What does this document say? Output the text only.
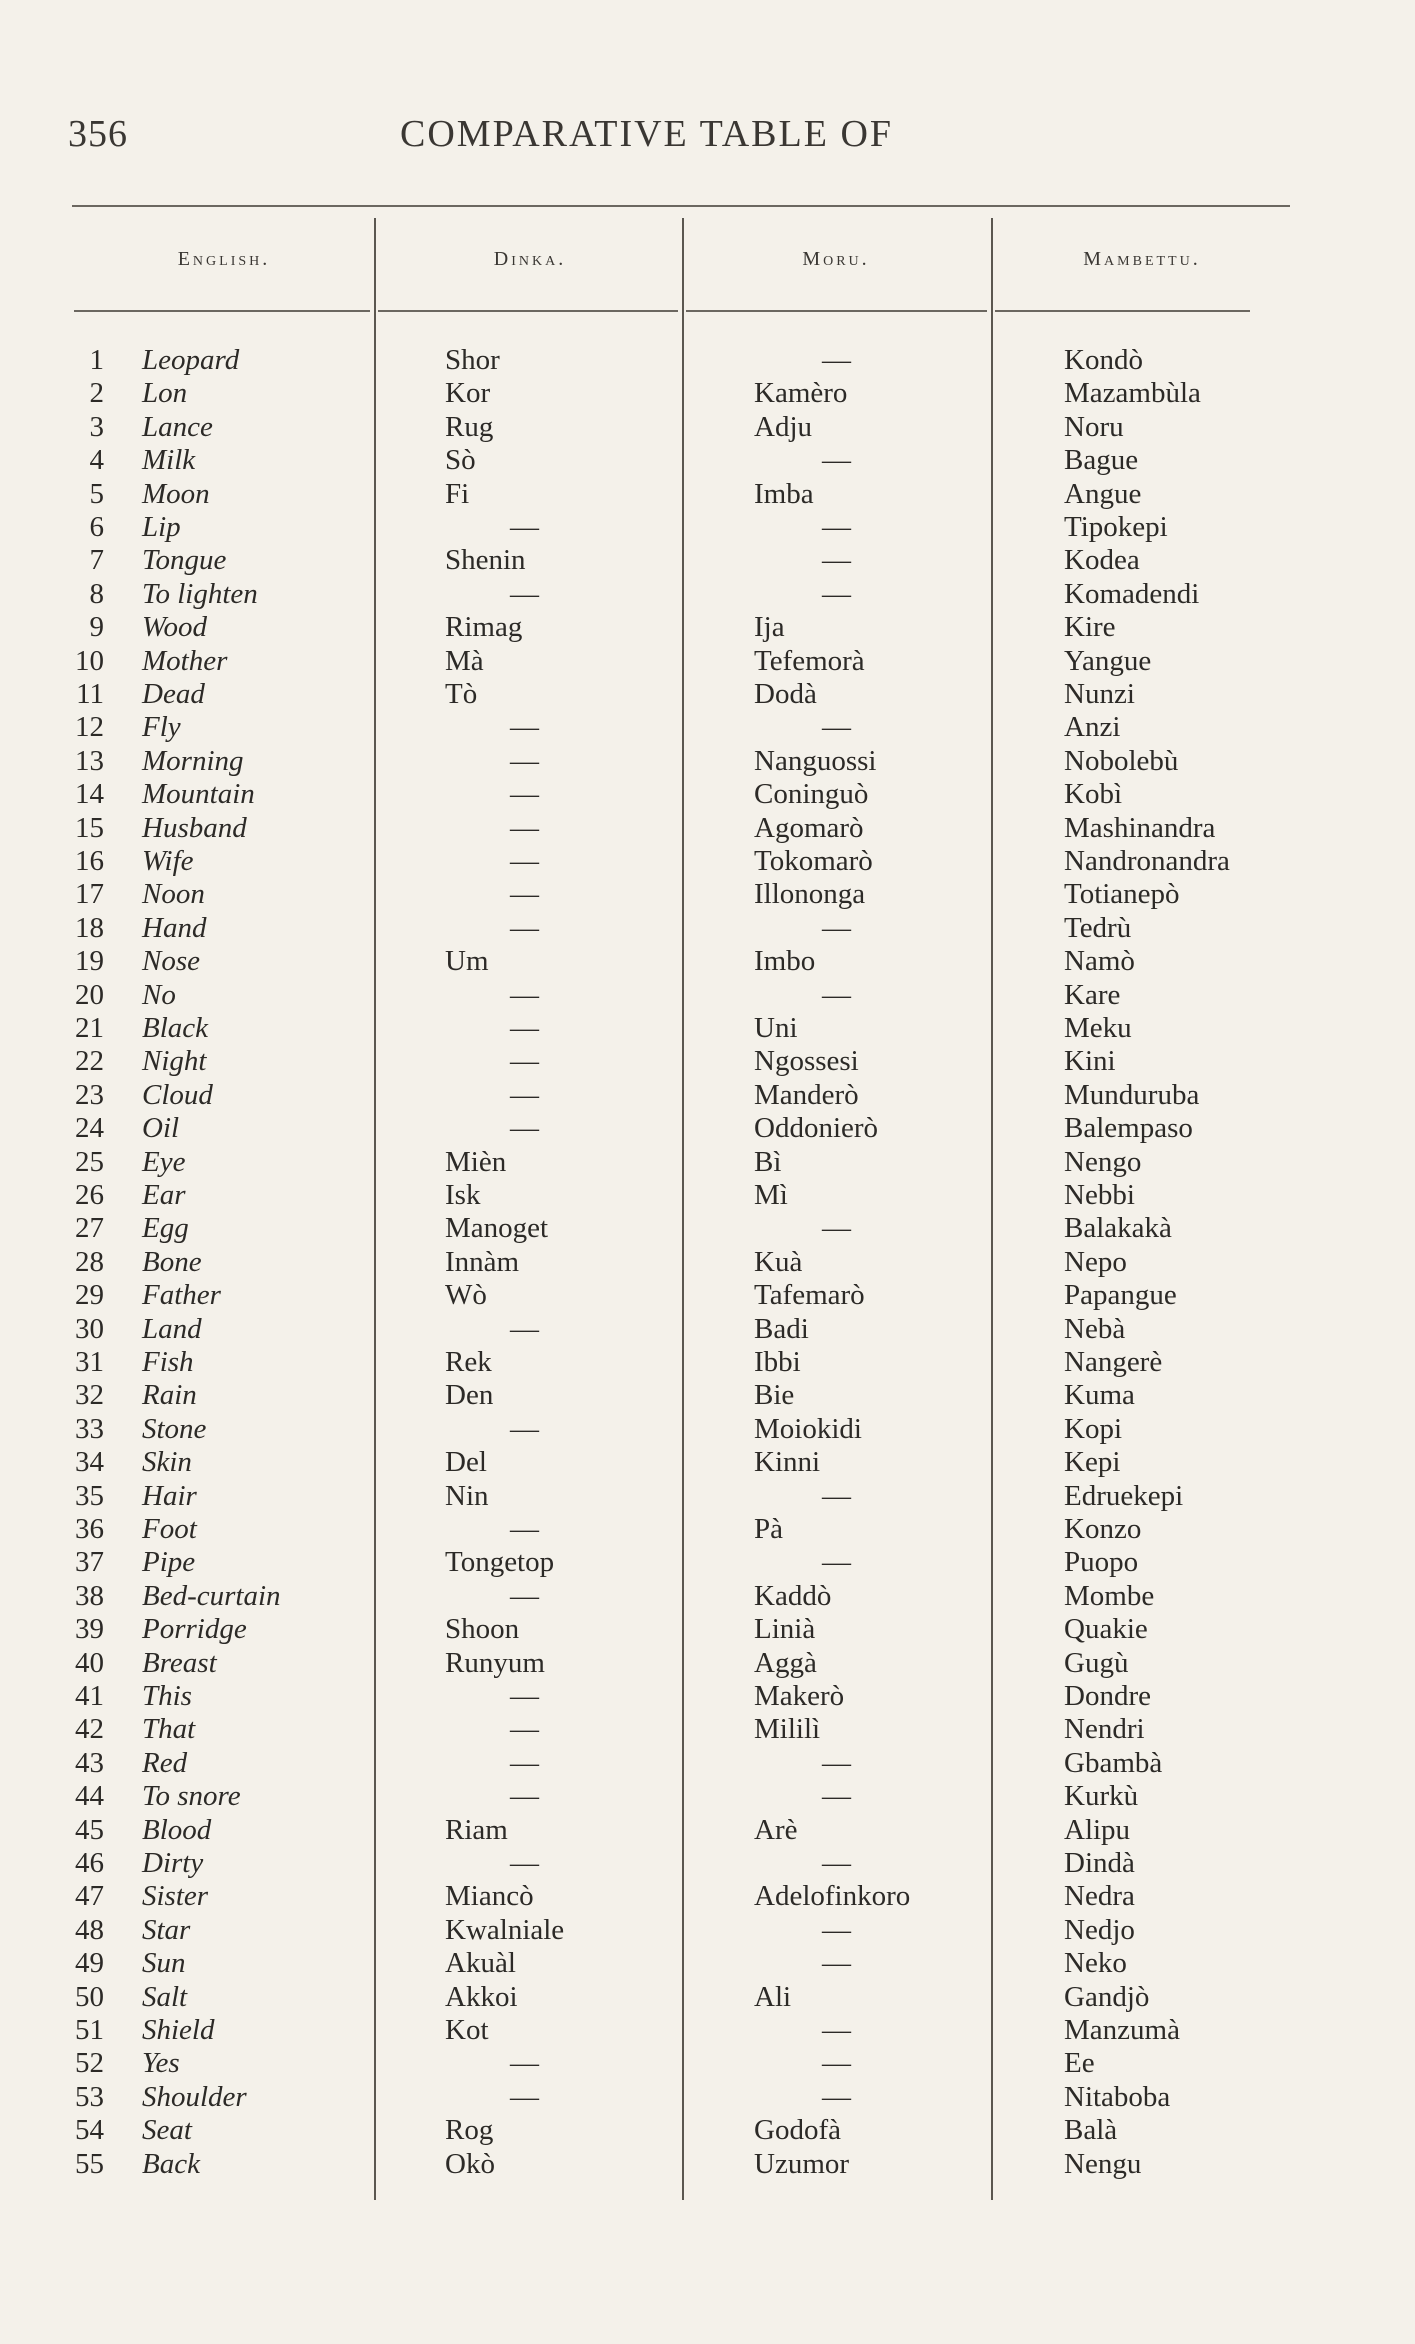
356	COMPARATIVE TABLE OF
English.	Dinka.	Moru.	Mambettu.
1 Leopard	Shor	—	Kondò
2 Lon	Kor	Kamèro	Mazambùla
3 Lance	Rug	Adju	Noru
4 Milk	Sò	—	Bague
5 Moon	Fi	Imba	Angue
6 Lip	—	—	Tipokepi
7 Tongue	Shenin	—	Kodea
8 To lighten	—	—	Komadendi
9 Wood	Rimag	Ija	Kire
10 Mother	Mà	Tefemorà	Yangue
11 Dead	Tò	Dodà	Nunzi
12 Fly	—	—	Anzi
13 Morning	—	Nanguossi	Nobolebù
14 Mountain	—	Coninguò	Kobì
15 Husband	—	Agomarò	Mashinandra
16 Wife	—	Tokomarò	Nandronandra
17 Noon	—	Illononga	Totianepò
18 Hand	—	—	Tedrù
19 Nose	Um	Imbo	Namò
20 No	—	—	Kare
21 Black	—	Uni	Meku
22 Night	—	Ngossesi	Kini
23 Cloud	—	Manderò	Munduruba
24 Oil	—	Oddonierò	Balempaso
25 Eye	Mièn	Bì	Nengo
26 Ear	Isk	Mì	Nebbi
27 Egg	Manoget	—	Balakakà
28 Bone	Innàm	Kuà	Nepo
29 Father	Wò	Tafemarò	Papangue
30 Land	—	Badi	Nebà
31 Fish	Rek	Ibbi	Nangerè
32 Rain	Den	Bie	Kuma
33 Stone	—	Moiokidi	Kopi
34 Skin	Del	Kinni	Kepi
35 Hair	Nin	—	Edruekepi
36 Foot	—	Pà	Konzo
37 Pipe	Tongetop	—	Puopo
38 Bed-curtain	—	Kaddò	Mombe
39 Porridge	Shoon	Linià	Quakie
40 Breast	Runyum	Aggà	Gugù
41 This	—	Makerò	Dondre
42 That	—	Mililì	Nendri
43 Red	—	—	Gbambà
44 To snore	—	—	Kurkù
45 Blood	Riam	Arè	Alipu
46 Dirty	—	—	Dindà
47 Sister	Miancò	Adelofinkoro	Nedra
48 Star	Kwalniale	—	Nedjo
49 Sun	Akuàl	—	Neko
50 Salt	Akkoi	Ali	Gandjò
51 Shield	Kot	—	Manzumà
52 Yes	—	—	Ee
53 Shoulder	—	—	Nitaboba
54 Seat	Rog	Godofà	Balà
55 Back	Okò	Uzumor	Nengu
